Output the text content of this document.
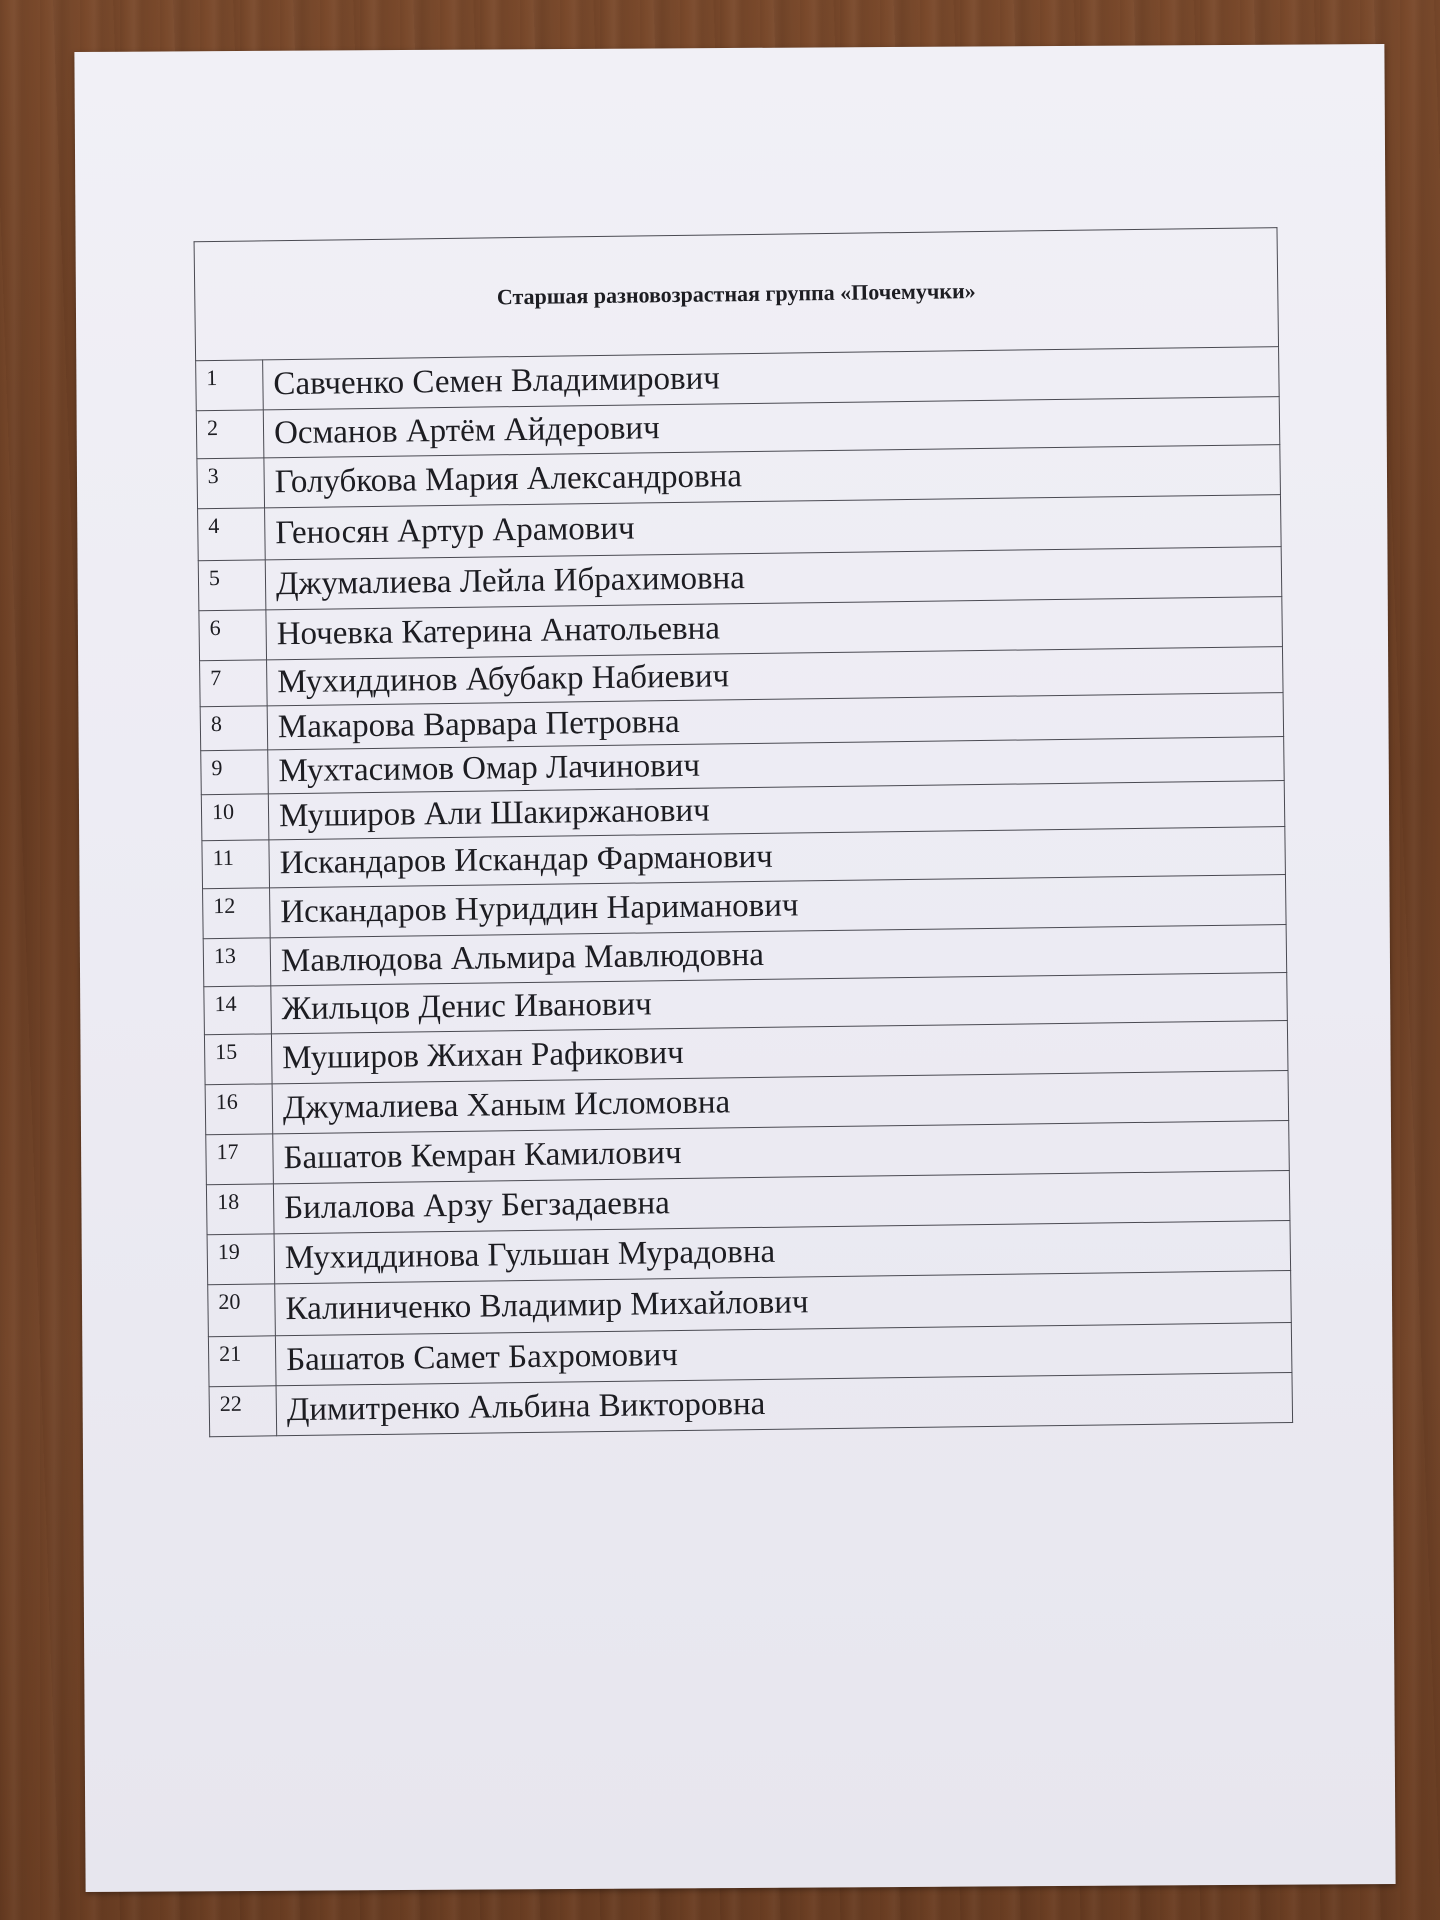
Старшая разновозрастная группа «Почемучки»	
1	Савченко Семен Владимирович
2	Османов Артём Айдерович
3	Голубкова Мария Александровна
4	Геносян Артур Арамович
5	Джумалиева Лейла Ибрахимовна
6	Ночевка Катерина Анатольевна
7	Мухиддинов Абубакр Набиевич
8	Макарова Варвара Петровна
9	Мухтасимов Омар Лачинович
10	Муширов Али Шакиржанович
11	Искандаров Искандар Фарманович
12	Искандаров Нуриддин Нариманович
13	Мавлюдова Альмира Мавлюдовна
14	Жильцов Денис Иванович
15	Муширов Жихан Рафикович
16	Джумалиева Ханым Исломовна
17	Башатов Кемран Камилович
18	Билалова Арзу Бегзадаевна
19	Мухиддинова Гульшан Мурадовна
20	Калиниченко Владимир Михайлович
21	Башатов Самет Бахромович
22	Димитренко Альбина Викторовна
